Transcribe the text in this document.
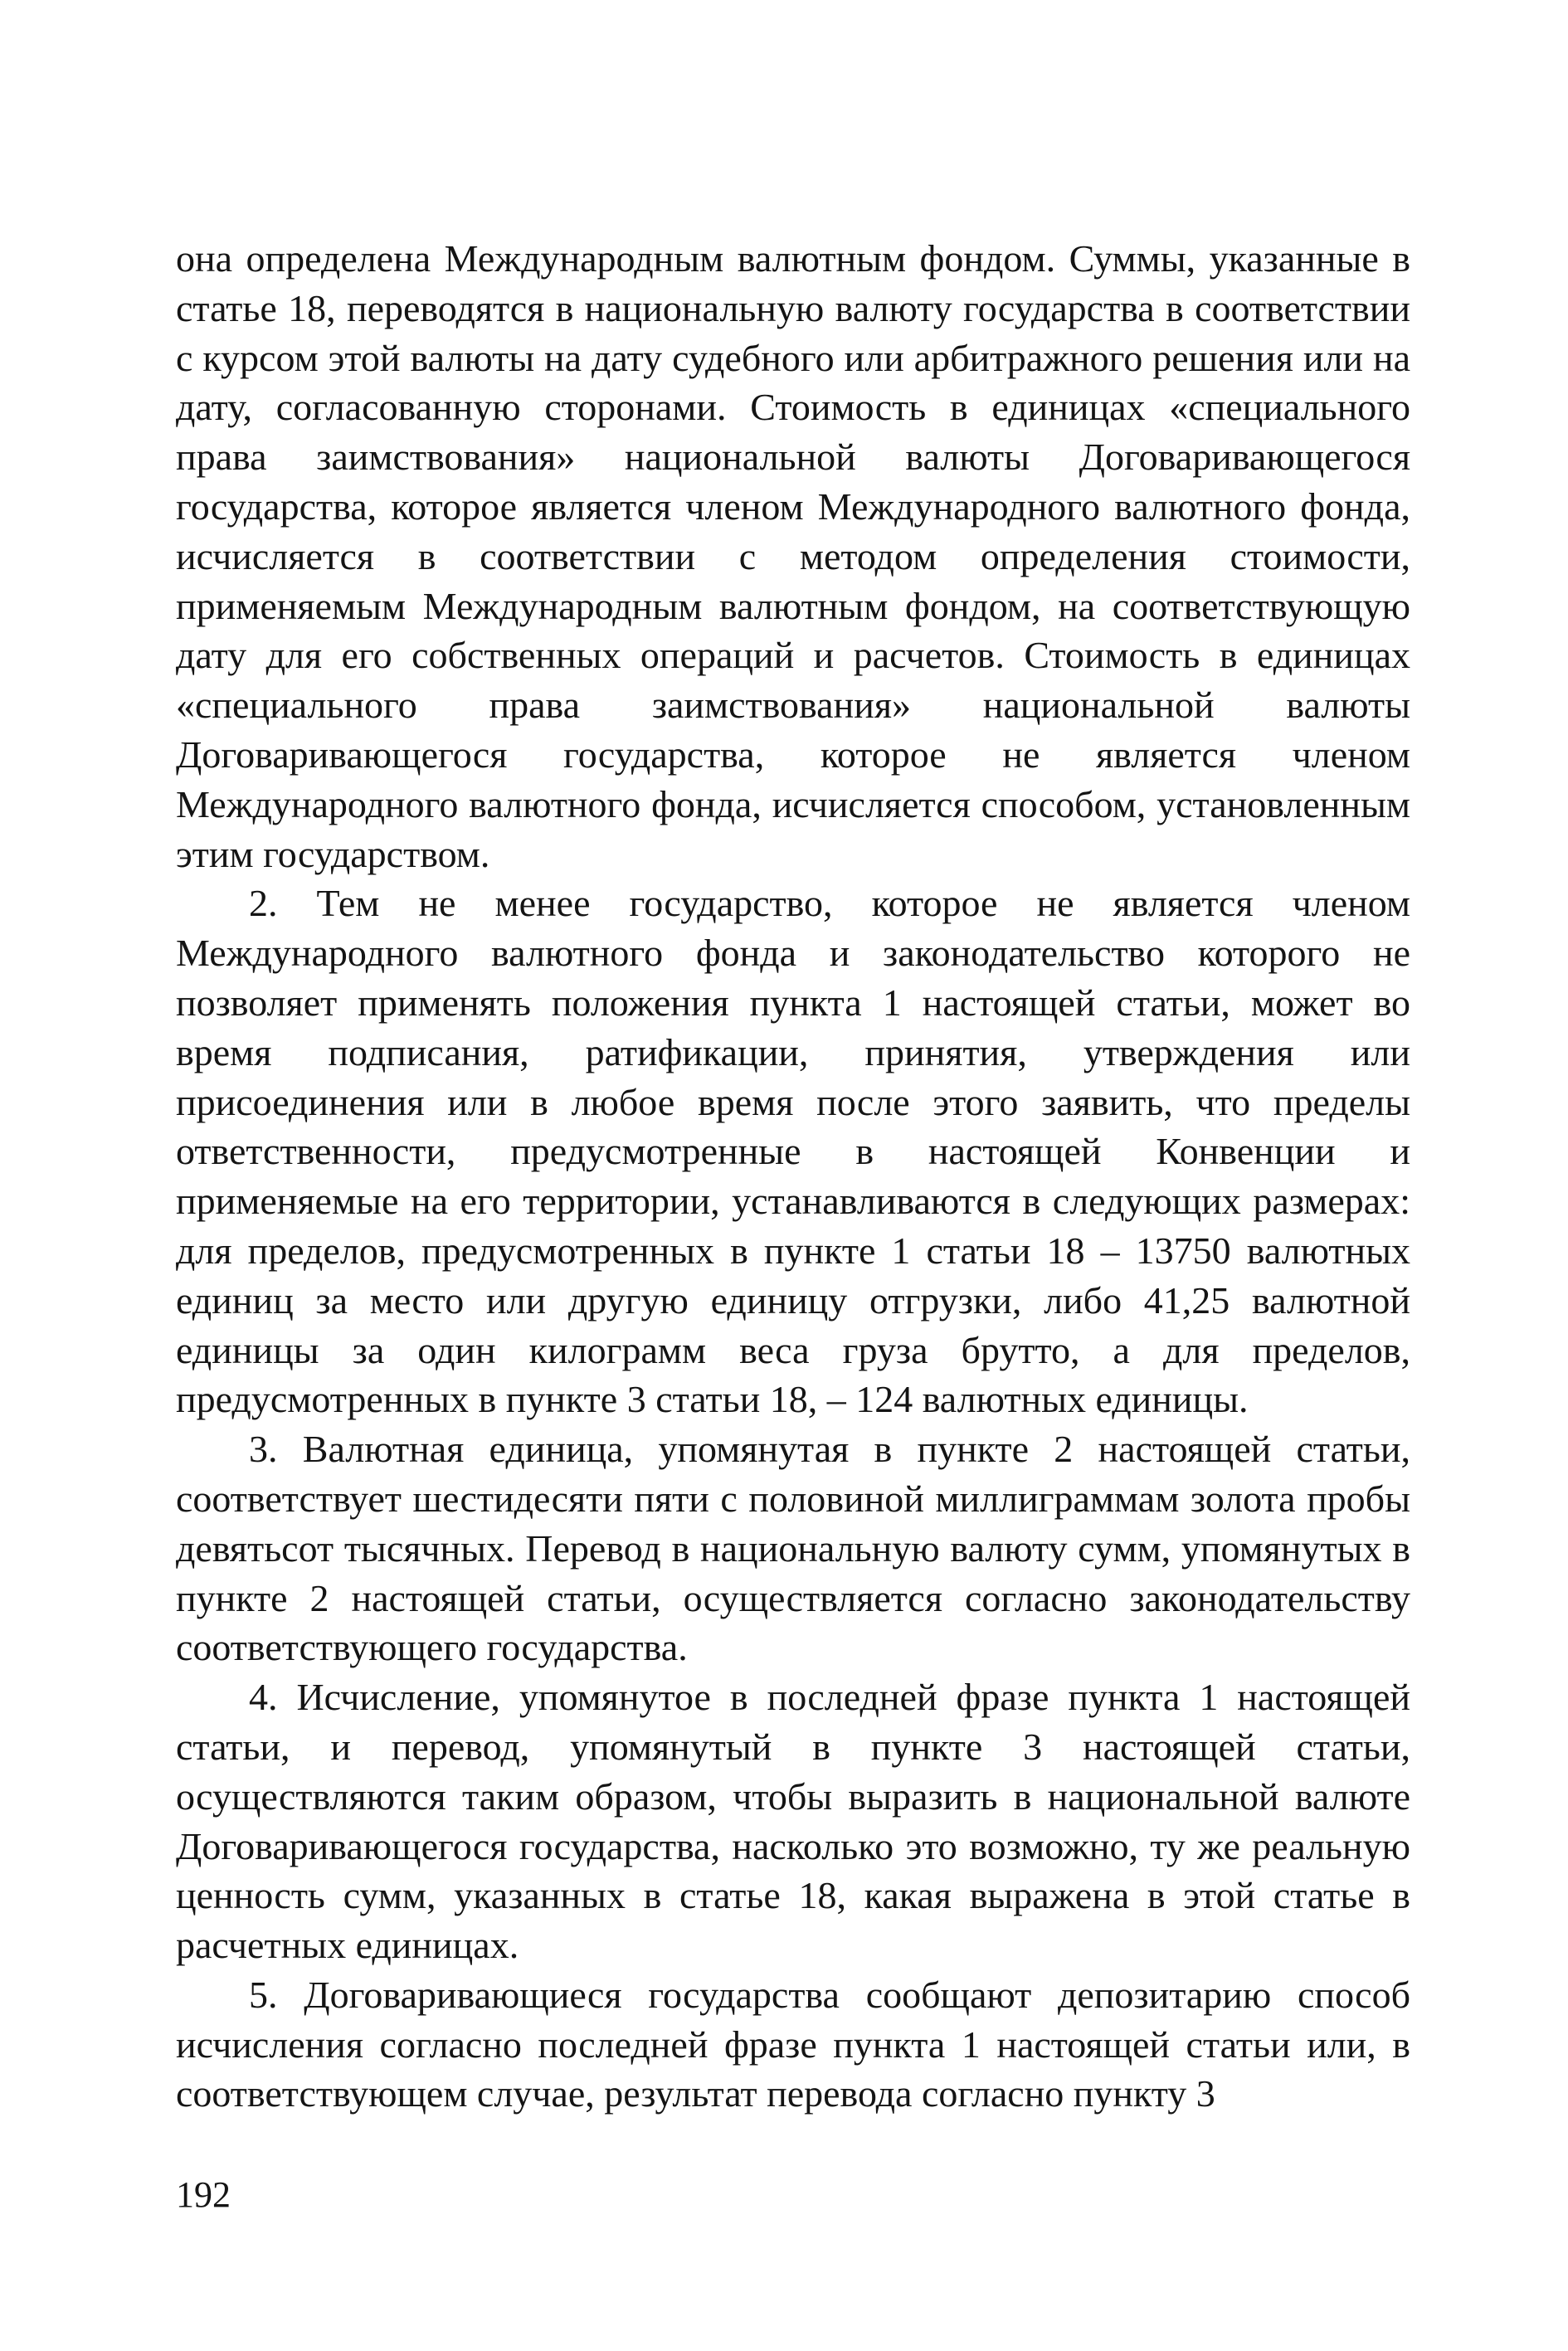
она определена Международным валютным фондом. Суммы, указанные в статье 18, переводятся в национальную валюту государства в соответствии с курсом этой валюты на дату судебного или арбитражного решения или на дату, согласованную сторонами. Стоимость в единицах «специального права заимствования» национальной валюты Договаривающегося государства, которое является членом Международного валютного фонда, исчисляется в соответствии с методом определения стоимости, применяемым Международным валютным фондом, на соответствующую дату для его собственных операций и расчетов. Стоимость в единицах «специального права заимствования» национальной валюты Договаривающегося государства, которое не является членом Международного валютного фонда, исчисляется способом, установленным этим государством.

2. Тем не менее государство, которое не является членом Международного валютного фонда и законодательство которого не позволяет применять положения пункта 1 настоящей статьи, может во время подписания, ратификации, принятия, утверждения или присоединения или в любое время после этого заявить, что пределы ответственности, предусмотренные в настоящей Конвенции и применяемые на его территории, устанавливаются в следующих размерах: для пределов, предусмотренных в пункте 1 статьи 18 – 13750 валютных единиц за место или другую единицу отгрузки, либо 41,25 валютной единицы за один килограмм веса груза брутто, а для пределов, предусмотренных в пункте 3 статьи 18, – 124 валютных единицы.

3. Валютная единица, упомянутая в пункте 2 настоящей статьи, соответствует шестидесяти пяти с половиной миллиграммам золота пробы девятьсот тысячных. Перевод в национальную валюту сумм, упомянутых в пункте 2 настоящей статьи, осуществляется согласно законодательству соответствующего государства.

4. Исчисление, упомянутое в последней фразе пункта 1 настоящей статьи, и перевод, упомянутый в пункте 3 настоящей статьи, осуществляются таким образом, чтобы выразить в национальной валюте Договаривающегося государства, насколько это возможно, ту же реальную ценность сумм, указанных в статье 18, какая выражена в этой статье в расчетных единицах.

5. Договаривающиеся государства сообщают депозитарию способ исчисления согласно последней фразе пункта 1 настоящей статьи или, в соответствующем случае, результат перевода согласно пункту 3

192
